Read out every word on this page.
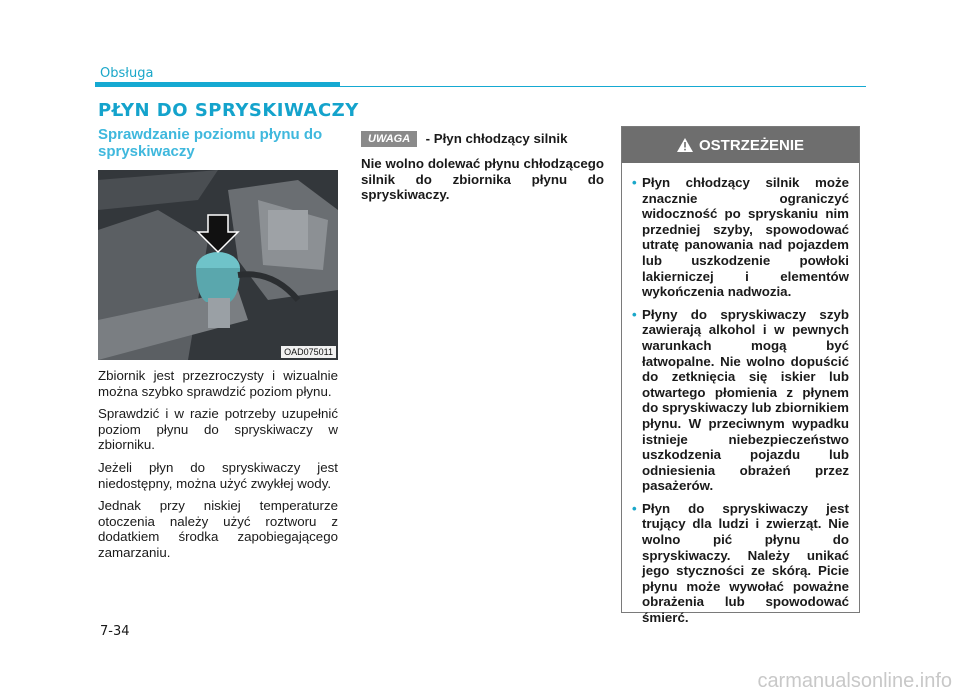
Obsługa
PŁYN DO SPRYSKIWACZY
Sprawdzanie poziomu płynu do spryskiwaczy
OAD075011

Zbiornik jest przezroczysty i wizualnie można szybko sprawdzić poziom płynu.

Sprawdzić i w razie potrzeby uzupełnić poziom płynu do spryskiwaczy w zbiorniku.

Jeżeli płyn do spryskiwaczy jest niedostępny, można użyć zwykłej wody.

Jednak przy niskiej temperaturze otoczenia należy użyć roztworu z dodatkiem środka zapobiegającego zamarzaniu.

UWAGA - Płyn chłodzący silnik

Nie wolno dolewać płynu chłodzącego silnik do zbiornika płynu do spryskiwaczy.

OSTRZEŻENIE
• Płyn chłodzący silnik może znacznie ograniczyć widoczność po spryskaniu nim przedniej szyby, spowodować utratę panowania nad pojazdem lub uszkodzenie powłoki lakierniczej i elementów wykończenia nadwozia.
• Płyny do spryskiwaczy szyb zawierają alkohol i w pewnych warunkach mogą być łatwopalne. Nie wolno dopuścić do zetknięcia się iskier lub otwartego płomienia z płynem do spryskiwaczy lub zbiornikiem płynu. W przeciwnym wypadku istnieje niebezpieczeństwo uszkodzenia pojazdu lub odniesienia obrażeń przez pasażerów.
• Płyn do spryskiwaczy jest trujący dla ludzi i zwierząt. Nie wolno pić płynu do spryskiwaczy. Należy unikać jego styczności ze skórą. Picie płynu może wywołać poważne obrażenia lub spowodować śmierć.
7-34
carmanualsonline.info
